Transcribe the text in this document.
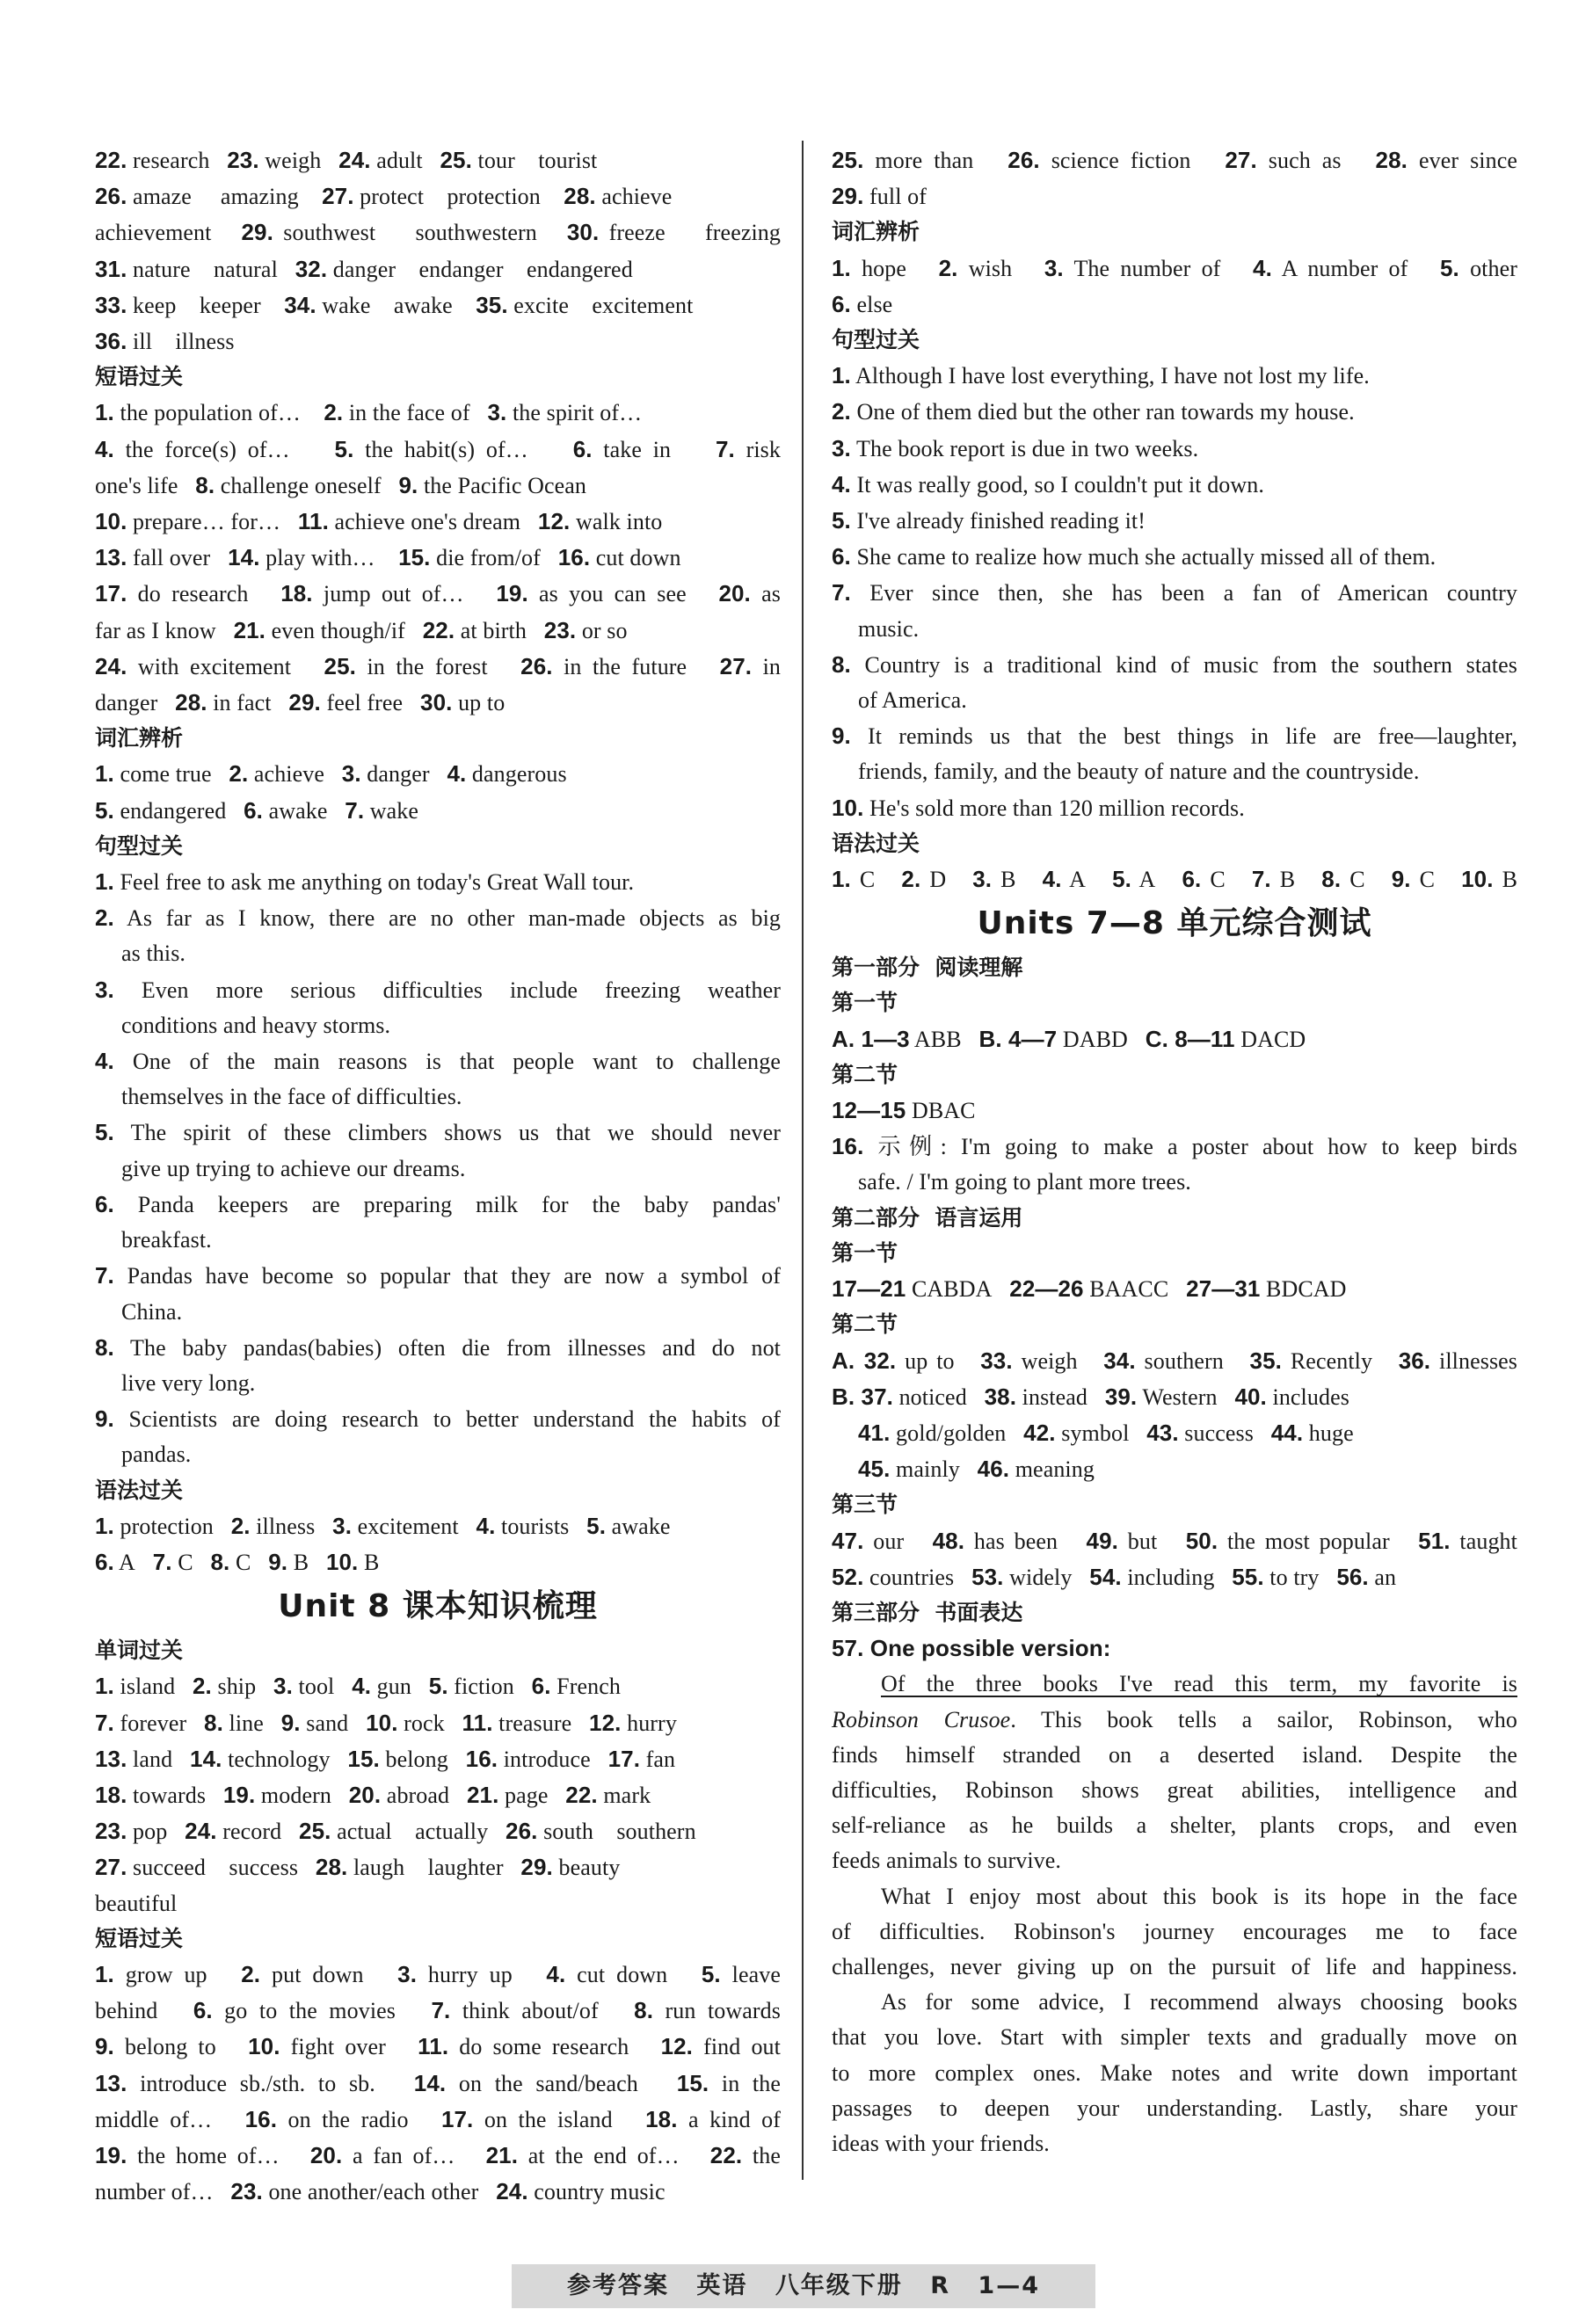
22. research   23. weigh   24. adult   25. tour    tourist
26. amaze     amazing    27. protect    protection    28. achieve
achievement   29. southwest    southwestern   30. freeze    freezing
31. nature    natural   32. danger    endanger    endangered
33. keep    keeper    34. wake    awake    35. excite    excitement
36. ill    illness
短语过关
1. the population of…    2. in the face of   3. the spirit of…
4. the force(s) of…    5. the habit(s) of…    6. take in    7. risk
one's life   8. challenge oneself   9. the Pacific Ocean
10. prepare… for…   11. achieve one's dream   12. walk into
13. fall over   14. play with…    15. die from/of   16. cut down
17. do research   18. jump out of…   19. as you can see   20. as
far as I know   21. even though/if   22. at birth   23. or so
24. with excitement   25. in the forest   26. in the future   27. in
danger   28. in fact   29. feel free   30. up to
词汇辨析
1. come true   2. achieve   3. danger   4. dangerous
5. endangered   6. awake   7. wake
句型过关
1. Feel free to ask me anything on today's Great Wall tour.
2. As far as I know, there are no other man-made objects as big
as this.
3. Even more serious difficulties include freezing weather
conditions and heavy storms.
4. One of the main reasons is that people want to challenge
themselves in the face of difficulties.
5. The spirit of these climbers shows us that we should never
give up trying to achieve our dreams.
6. Panda keepers are preparing milk for the baby pandas'
breakfast.
7. Pandas have become so popular that they are now a symbol of
China.
8. The baby pandas(babies) often die from illnesses and do not
live very long.
9. Scientists are doing research to better understand the habits of
pandas.
语法过关
1. protection   2. illness   3. excitement   4. tourists   5. awake
6. A   7. C   8. C   9. B   10. B
Unit 8 课本知识梳理
单词过关
1. island   2. ship   3. tool   4. gun   5. fiction   6. French
7. forever   8. line   9. sand   10. rock   11. treasure   12. hurry
13. land   14. technology   15. belong   16. introduce   17. fan
18. towards   19. modern   20. abroad   21. page   22. mark
23. pop   24. record   25. actual    actually   26. south    southern
27. succeed    success   28. laugh    laughter   29. beauty
beautiful
短语过关
1. grow up   2. put down   3. hurry up   4. cut down   5. leave
behind   6. go to the movies   7. think about/of   8. run towards
9. belong to   10. fight over   11. do some research   12. find out
13. introduce sb./sth. to sb.   14. on the sand/beach   15. in the
middle of…   16. on the radio   17. on the island   18. a kind of
19. the home of…   20. a fan of…   21. at the end of…   22. the
number of…   23. one another/each other   24. country music
25. more than   26. science fiction   27. such as   28. ever since
29. full of
词汇辨析
1. hope   2. wish   3. The number of   4. A number of   5. other
6. else
句型过关
1. Although I have lost everything, I have not lost my life.
2. One of them died but the other ran towards my house.
3. The book report is due in two weeks.
4. It was really good, so I couldn't put it down.
5. I've already finished reading it!
6. She came to realize how much she actually missed all of them.
7. Ever since then, she has been a fan of American country
music.
8. Country is a traditional kind of music from the southern states
of America.
9. It reminds us that the best things in life are free—laughter,
friends, family, and the beauty of nature and the countryside.
10. He's sold more than 120 million records.
语法过关
1. C   2. D   3. B   4. A   5. A   6. C   7. B   8. C   9. C   10. B
Units 7—8 单元综合测试
第一部分  阅读理解
第一节
A. 1—3 ABB   B. 4—7 DABD   C. 8—11 DACD
第二节
12—15 DBAC
16. 示例: I'm going to make a poster about how to keep birds
safe. / I'm going to plant more trees.
第二部分  语言运用
第一节
17—21 CABDA   22—26 BAACC   27—31 BDCAD
第二节
A. 32. up to   33. weigh   34. southern   35. Recently   36. illnesses
B. 37. noticed   38. instead   39. Western   40. includes
41. gold/golden   42. symbol   43. success   44. huge
45. mainly   46. meaning
第三节
47. our   48. has been   49. but   50. the most popular   51. taught
52. countries   53. widely   54. including   55. to try   56. an
第三部分  书面表达
57. One possible version:
Of the three books I've read this term, my favorite is
Robinson Crusoe. This book tells a sailor, Robinson, who
finds himself stranded on a deserted island. Despite the
difficulties, Robinson shows great abilities, intelligence and
self-reliance as he builds a shelter, plants crops, and even
feeds animals to survive.
What I enjoy most about this book is its hope in the face
of difficulties. Robinson's journey encourages me to face
challenges, never giving up on the pursuit of life and happiness.
As for some advice, I recommend always choosing books
that you love. Start with simpler texts and gradually move on
to more complex ones. Make notes and write down important
passages to deepen your understanding. Lastly, share your
ideas with your friends.
参考答案 英语 八年级下册 R 1—4
